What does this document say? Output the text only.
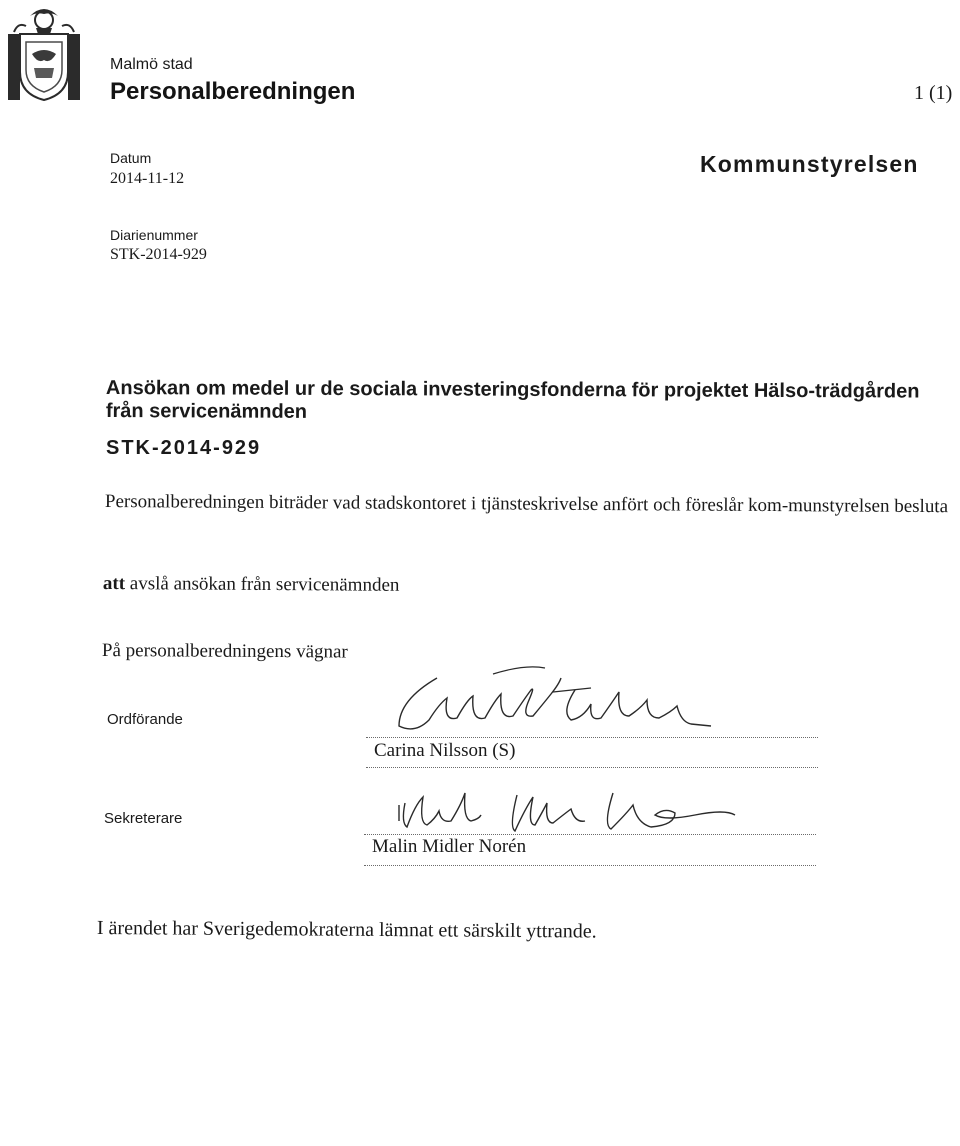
Malmö stad
Personalberedningen	1 (1)
Datum
2014-11-12
Kommunstyrelsen
Diarienummer
STK-2014-929
Ansökan om medel ur de sociala investeringsfonderna för projektet Hälso-trädgården från servicenämnden
STK-2014-929
Personalberedningen biträder vad stadskontoret i tjänsteskrivelse anfört och föreslår kom-munstyrelsen besluta
att avslå ansökan från servicenämnden
På personalberedningens vägnar
Ordförande
Carina Nilsson (S)
Sekreterare
Malin Midler Norén
I ärendet har Sverigedemokraterna lämnat ett särskilt yttrande.
